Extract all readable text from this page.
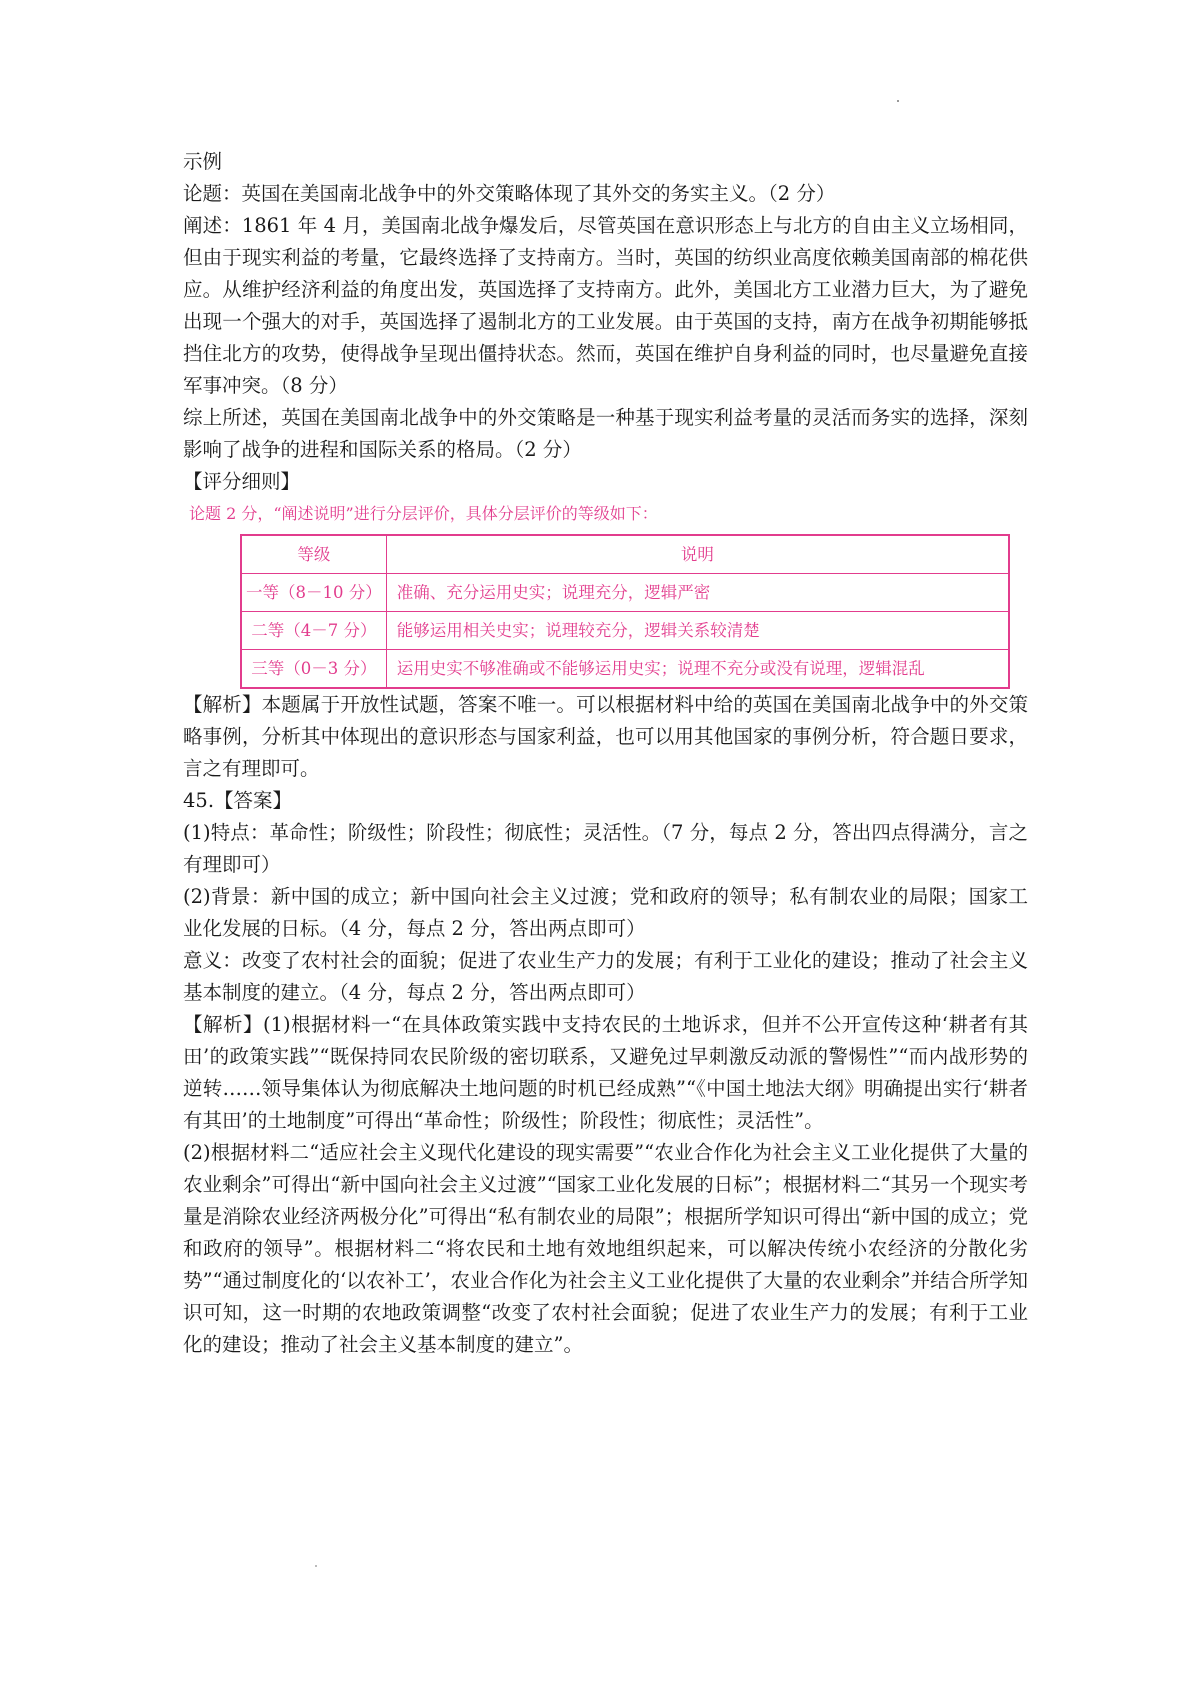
示例

论题：英国在美国南北战争中的外交策略体现了其外交的务实主义。（2 分）

阐述：1861 年 4 月，美国南北战争爆发后，尽管英国在意识形态上与北方的自由主义立场相同，但由于现实利益的考量，它最终选择了支持南方。当时，英国的纺织业高度依赖美国南部的棉花供应。从维护经济利益的角度出发，英国选择了支持南方。此外，美国北方工业潜力巨大，为了避免出现一个强大的对手，英国选择了遏制北方的工业发展。由于英国的支持，南方在战争初期能够抵挡住北方的攻势，使得战争呈现出僵持状态。然而，英国在维护自身利益的同时，也尽量避免直接军事冲突。（8 分）

综上所述，英国在美国南北战争中的外交策略是一种基于现实利益考量的灵活而务实的选择，深刻影响了战争的进程和国际关系的格局。（2 分）

【评分细则】

论题 2 分，“阐述说明”进行分层评价，具体分层评价的等级如下：
等级	说明
一等（8－10 分）	准确、充分运用史实；说理充分，逻辑严密
二等（4－7 分）	能够运用相关史实；说理较充分，逻辑关系较清楚
三等（0－3 分）	运用史实不够准确或不能够运用史实；说理不充分或没有说理，逻辑混乱

【解析】本题属于开放性试题，答案不唯一。可以根据材料中给的英国在美国南北战争中的外交策略事例，分析其中体现出的意识形态与国家利益，也可以用其他国家的事例分析，符合题日要求，言之有理即可。

45.【答案】

(1)特点：革命性；阶级性；阶段性；彻底性；灵活性。（7 分，每点 2 分，答出四点得满分，言之有理即可）

(2)背景：新中国的成立；新中国向社会主义过渡；党和政府的领导；私有制农业的局限；国家工业化发展的日标。（4 分，每点 2 分，答出两点即可）

意义：改变了农村社会的面貌；促进了农业生产力的发展；有利于工业化的建设；推动了社会主义基本制度的建立。（4 分，每点 2 分，答出两点即可）

【解析】(1)根据材料一“在具体政策实践中支持农民的土地诉求，但并不公开宣传这种‘耕者有其田’的政策实践”“既保持同农民阶级的密切联系，又避免过早刺激反动派的警惕性”“而内战形势的逆转……领导集体认为彻底解决土地问题的时机已经成熟”“《中国土地法大纲》明确提出实行‘耕者有其田’的土地制度”可得出“革命性；阶级性；阶段性；彻底性；灵活性”。

(2)根据材料二“适应社会主义现代化建设的现实需要”“农业合作化为社会主义工业化提供了大量的农业剩余”可得出“新中国向社会主义过渡”“国家工业化发展的日标”；根据材料二“其另一个现实考量是消除农业经济两极分化”可得出“私有制农业的局限”；根据所学知识可得出“新中国的成立；党和政府的领导”。根据材料二“将农民和土地有效地组织起来，可以解决传统小农经济的分散化劣势”“通过制度化的‘以农补工’，农业合作化为社会主义工业化提供了大量的农业剩余”并结合所学知识可知，这一时期的农地政策调整“改变了农村社会面貌；促进了农业生产力的发展；有利于工业化的建设；推动了社会主义基本制度的建立”。
